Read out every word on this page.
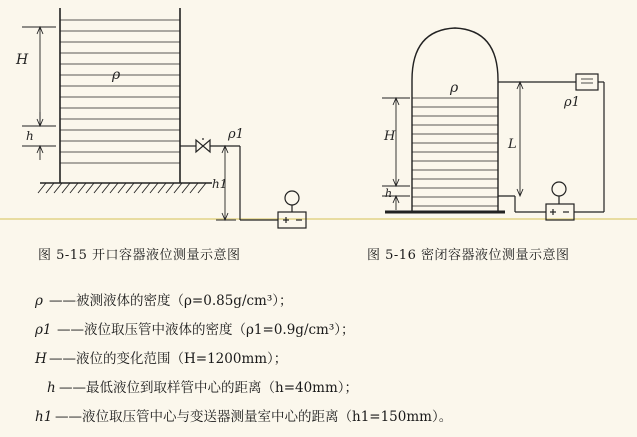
H
ρ
h	ρ1
h1
ρ
ρ1
H
L
h
图 5-15 开口容器液位测量示意图	图 5-16 密闭容器液位测量示意图
ρ ——被测液体的密度（ρ=0.85g/cm³）；
ρ1 ——液位取压管中液体的密度（ρ1=0.9g/cm³）；
H ——液位的变化范围（H=1200mm）；
h ——最低液位到取样管中心的距离（h=40mm）；
h1 ——液位取压管中心与变送器测量室中心的距离（h1=150mm）。
